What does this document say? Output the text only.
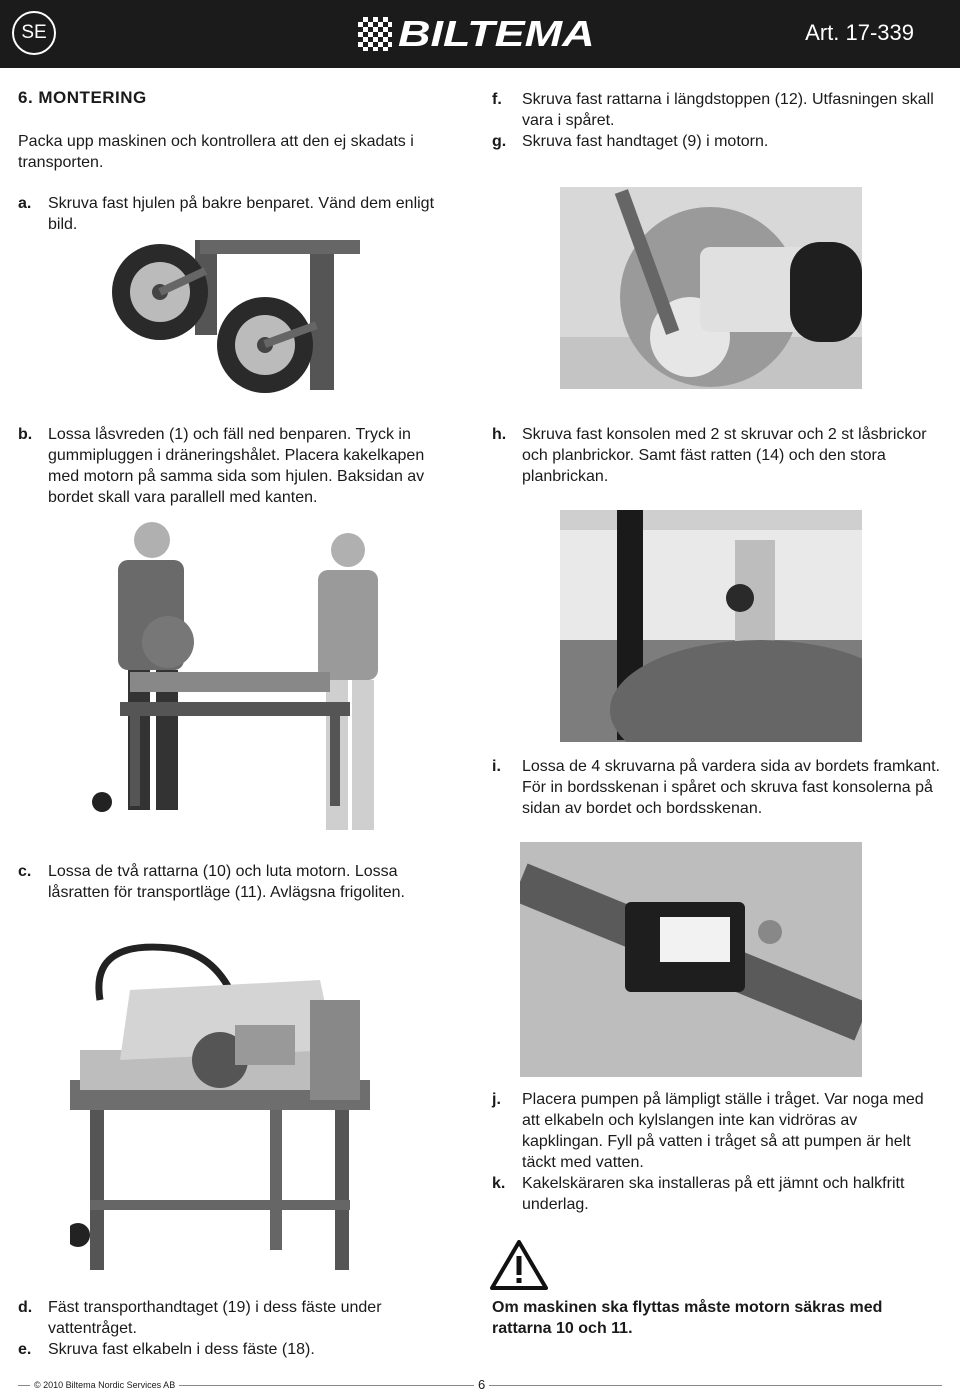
SE	BILTEMA	Art. 17-339
6. MONTERING

Packa upp maskinen och kontrollera att den ej skadats i transporten.

a.	Skruva fast hjulen på bakre benparet. Vänd dem enligt bild.
b. Lossa låsvreden (1) och fäll ned benparen. Tryck in gummipluggen i dräneringshålet. Placera kakelkapen med motorn på samma sida som hjulen. Baksidan av bordet skall vara parallell med kanten.
c.	Lossa de två rattarna (10) och luta motorn. Lossa låsratten för transportläge (11). Avlägsna frigoliten.
d. Fäst transporthandtaget (19) i dess fäste under vattentråget.
e.	Skruva fast elkabeln i dess fäste (18).
f.	Skruva fast rattarna i längdstoppen (12). Utfasningen skall vara i spåret.
g. Skruva fast handtaget (9) i motorn.
h. Skruva fast konsolen med 2 st skruvar och 2 st låsbrickor och planbrickor. Samt fäst ratten (14) och den stora planbrickan.
i.	Lossa de 4 skruvarna på vardera sida av bordets framkant. För in bordsskenan i spåret och skruva fast konsolerna på sidan av bordet och bordsskenan.
j.	Placera pumpen på lämpligt ställe i tråget. Var noga med att elkabeln och kylslangen inte kan vidröras av kapklingan. Fyll på vatten i tråget så att pumpen är helt täckt med vatten.
k.	Kakelskäraren ska installeras på ett jämnt och halkfritt underlag.
Om maskinen ska flyttas måste motorn säkras med rattarna 10 och 11.
© 2010 Biltema Nordic Services AB	6
